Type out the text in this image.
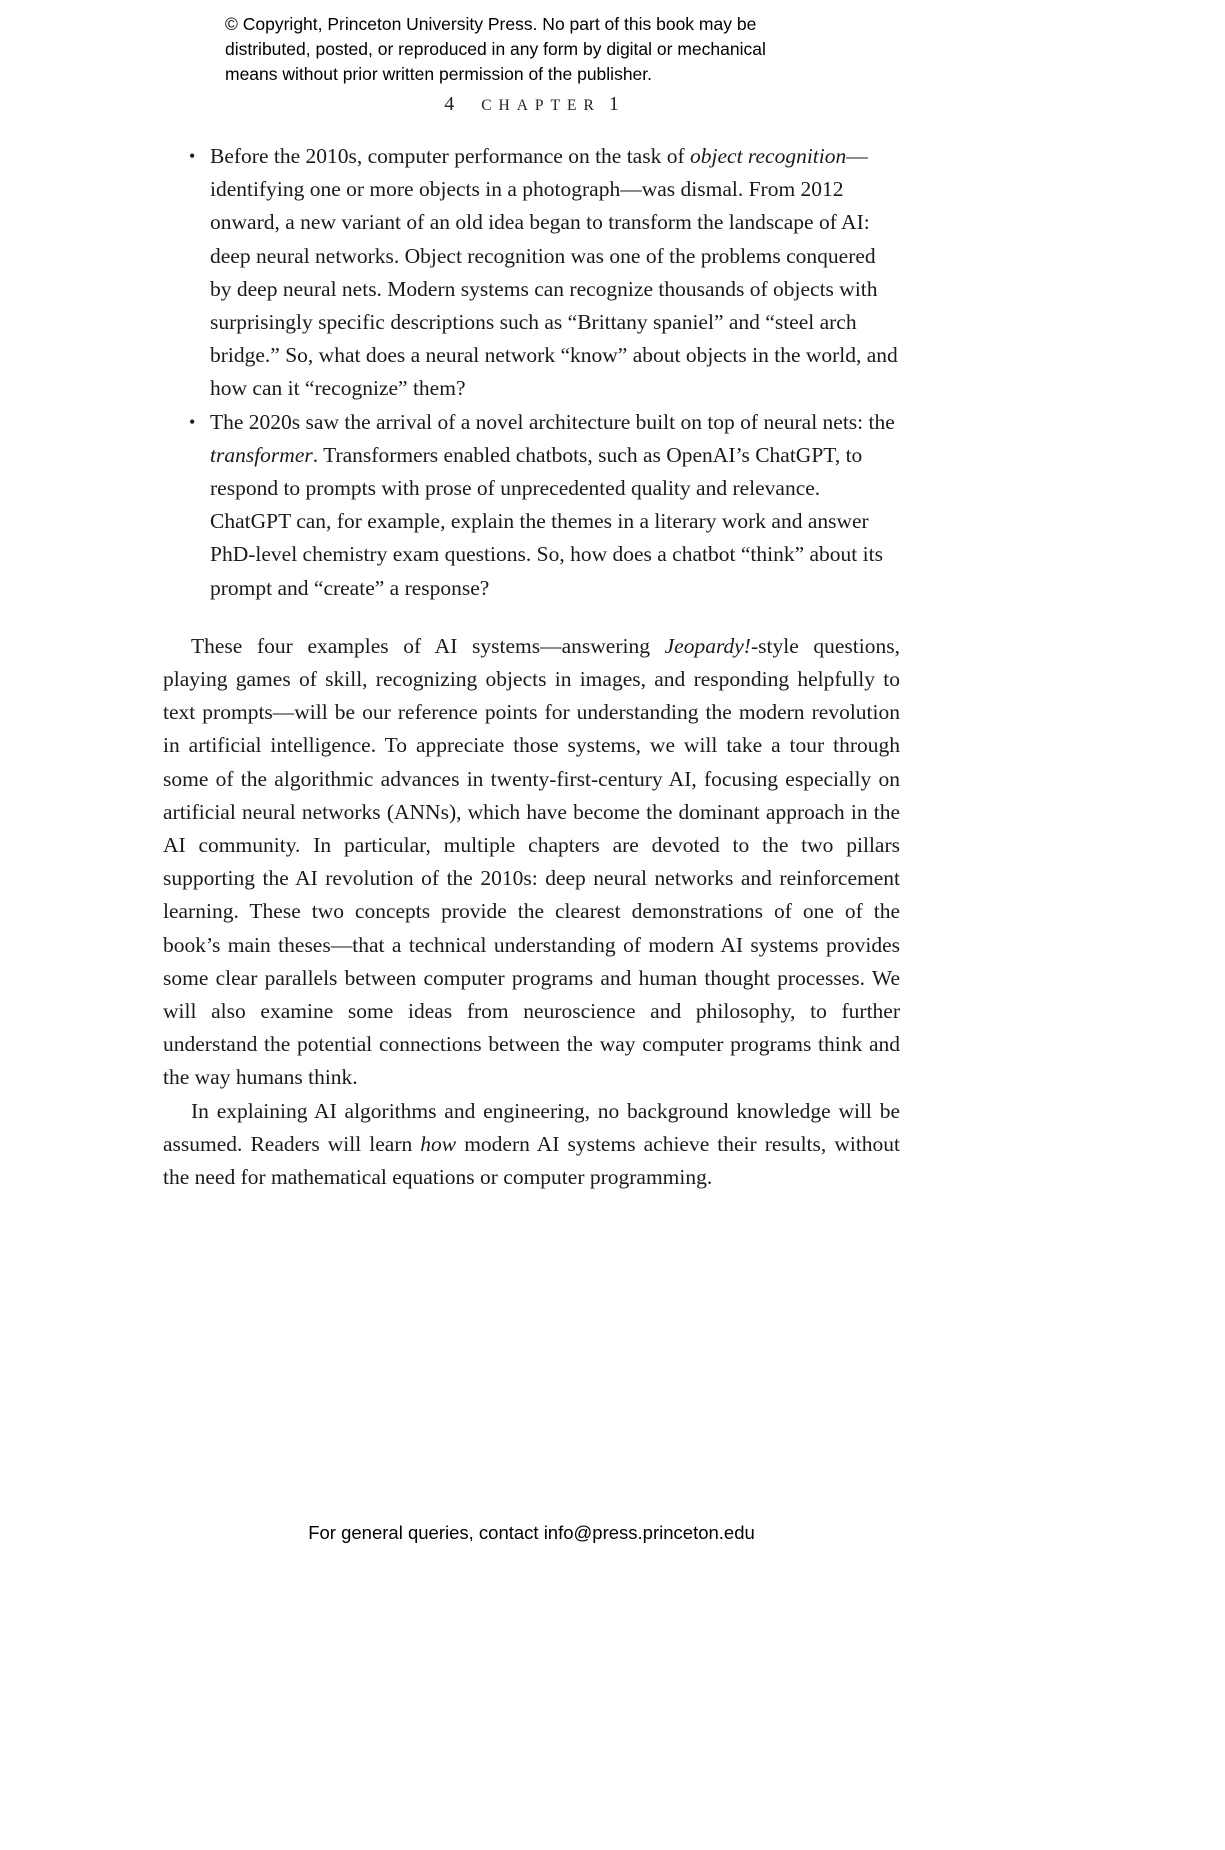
© Copyright, Princeton University Press. No part of this book may be distributed, posted, or reproduced in any form by digital or mechanical means without prior written permission of the publisher.
4 CHAPTER 1
• Before the 2010s, computer performance on the task of object recognition—identifying one or more objects in a photograph—was dismal. From 2012 onward, a new variant of an old idea began to transform the landscape of AI: deep neural networks. Object recognition was one of the problems conquered by deep neural nets. Modern systems can recognize thousands of objects with surprisingly specific descriptions such as “Brittany spaniel” and “steel arch bridge.” So, what does a neural network “know” about objects in the world, and how can it “recognize” them?
• The 2020s saw the arrival of a novel architecture built on top of neural nets: the transformer. Transformers enabled chatbots, such as OpenAI’s ChatGPT, to respond to prompts with prose of unprecedented quality and relevance. ChatGPT can, for example, explain the themes in a literary work and answer PhD-level chemistry exam questions. So, how does a chatbot “think” about its prompt and “create” a response?

These four examples of AI systems—answering Jeopardy!-style questions, playing games of skill, recognizing objects in images, and responding helpfully to text prompts—will be our reference points for understanding the modern revolution in artificial intelligence. To appreciate those systems, we will take a tour through some of the algorithmic advances in twenty-first-century AI, focusing especially on artificial neural networks (ANNs), which have become the dominant approach in the AI community. In particular, multiple chapters are devoted to the two pillars supporting the AI revolution of the 2010s: deep neural networks and reinforcement learning. These two concepts provide the clearest demonstrations of one of the book’s main theses—that a technical understanding of modern AI systems provides some clear parallels between computer programs and human thought processes. We will also examine some ideas from neuroscience and philosophy, to further understand the potential connections between the way computer programs think and the way humans think.

In explaining AI algorithms and engineering, no background knowledge will be assumed. Readers will learn how modern AI systems achieve their results, without the need for mathematical equations or computer programming.

For general queries, contact info@press.princeton.edu
